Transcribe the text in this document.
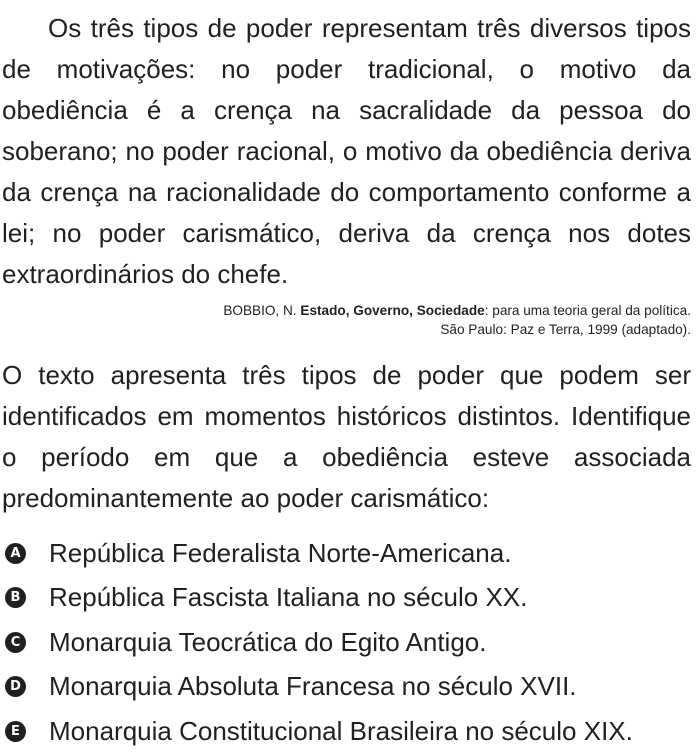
Os três tipos de poder representam três diversos tipos de motivações: no poder tradicional, o motivo da obediência é a crença na sacralidade da pessoa do soberano; no poder racional, o motivo da obediência deriva da crença na racionalidade do comportamento conforme a lei; no poder carismático, deriva da crença nos dotes extraordinários do chefe.

BOBBIO, N. Estado, Governo, Sociedade: para uma teoria geral da política.
São Paulo: Paz e Terra, 1999 (adaptado).

O texto apresenta três tipos de poder que podem ser identificados em momentos históricos distintos. Identifique o período em que a obediência esteve associada predominantemente ao poder carismático:

A República Federalista Norte-Americana.
B República Fascista Italiana no século XX.
C Monarquia Teocrática do Egito Antigo.
D Monarquia Absoluta Francesa no século XVII.
E Monarquia Constitucional Brasileira no século XIX.
